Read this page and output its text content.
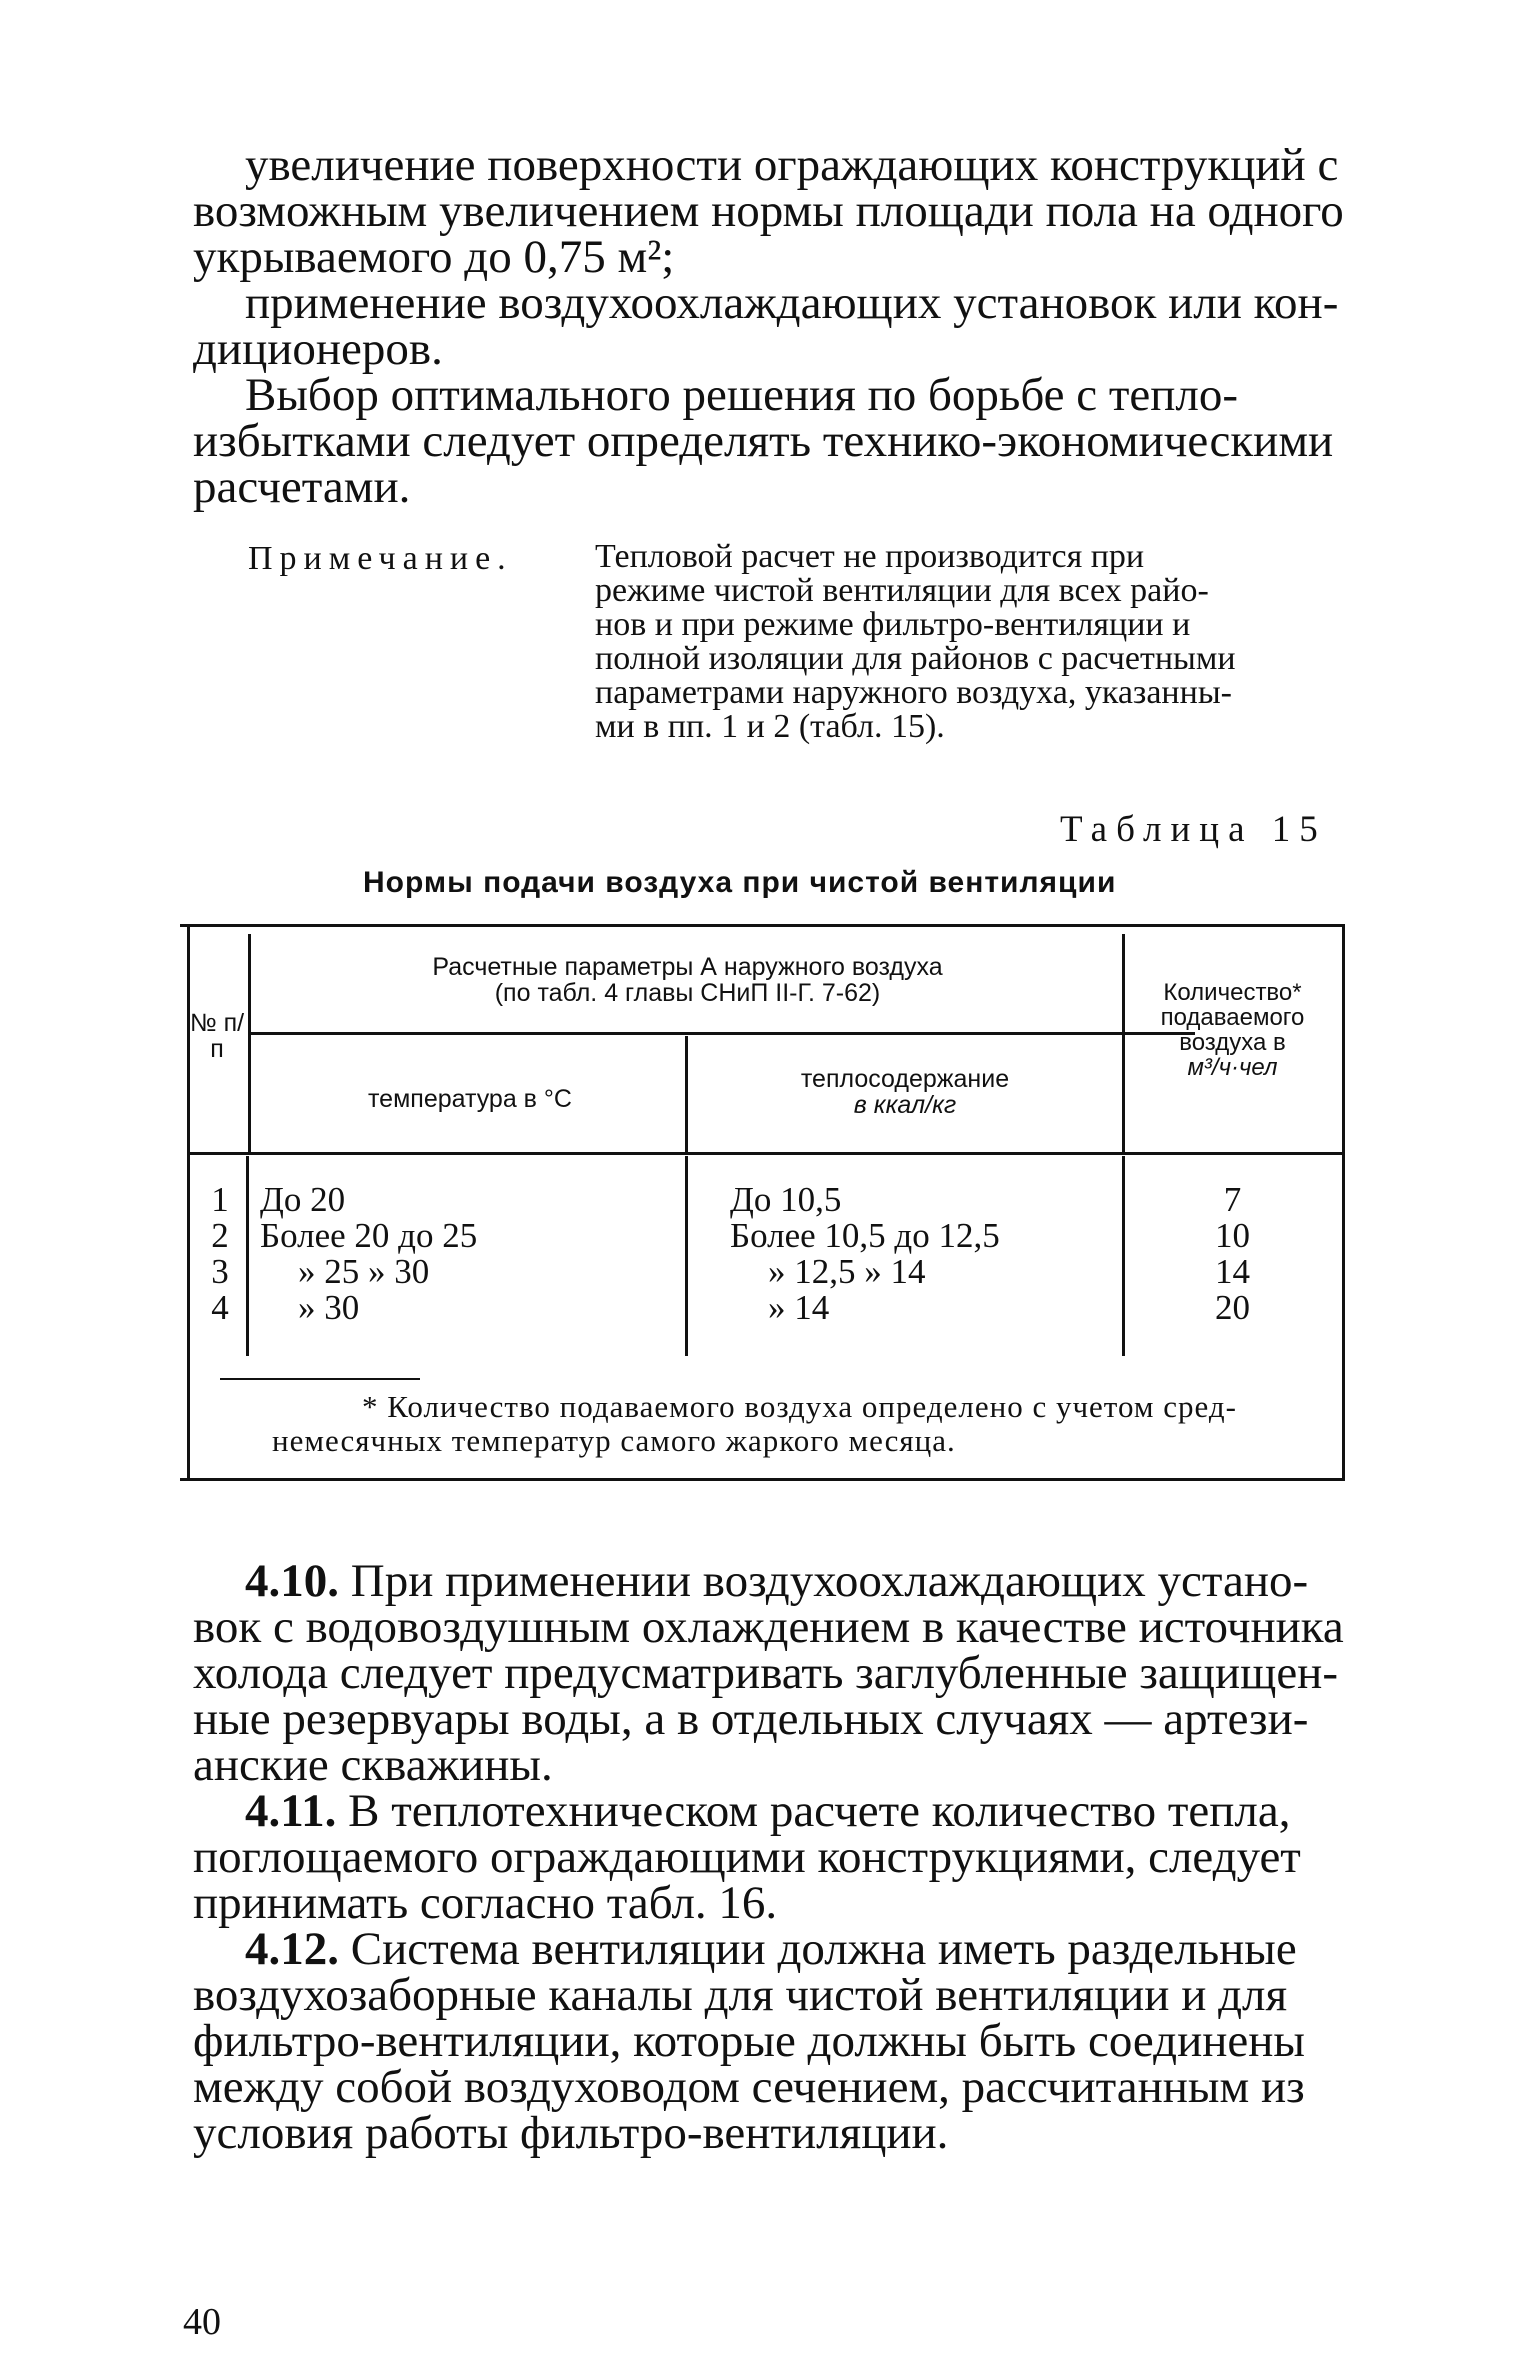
увеличение поверхности ограждающих конструкций с
возможным увеличением нормы площади пола на одного
укрываемого до 0,75 м²;
применение воздухоохлаждающих установок или кон-
диционеров.
Выбор оптимального решения по борьбе с тепло-
избытками следует определять технико-экономическими
расчетами.
Примечание. Тепловой расчет не производится при
режиме чистой вентиляции для всех райо-
нов и при режиме фильтро-вентиляции и
полной изоляции для районов с расчетными
параметрами наружного воздуха, указанны-
ми в пп. 1 и 2 (табл. 15).
Таблица 15
Нормы подачи воздуха при чистой вентиляции
№ п/п
Расчетные параметры А наружного воздуха
(по табл. 4 главы СНиП II-Г. 7-62)
температура в °С
теплосодержание
в ккал/кг
Количество*
подаваемого
воздуха в
м³/ч·чел
1
2
3
4
До 20
Более 20 до 25
» 25 » 30
» 30
До 10,5
Более 10,5 до 12,5
» 12,5 » 14
» 14
7
10
14
20
* Количество подаваемого воздуха определено с учетом сред-
немесячных температур самого жаркого месяца.
4.10. При применении воздухоохлаждающих устано-
вок с водовоздушным охлаждением в качестве источника
холода следует предусматривать заглубленные защищен-
ные резервуары воды, а в отдельных случаях — артези-
анские скважины.
4.11. В теплотехническом расчете количество тепла,
поглощаемого ограждающими конструкциями, следует
принимать согласно табл. 16.
4.12. Система вентиляции должна иметь раздельные
воздухозаборные каналы для чистой вентиляции и для
фильтро-вентиляции, которые должны быть соединены
между собой воздуховодом сечением, рассчитанным из
условия работы фильтро-вентиляции.
40
